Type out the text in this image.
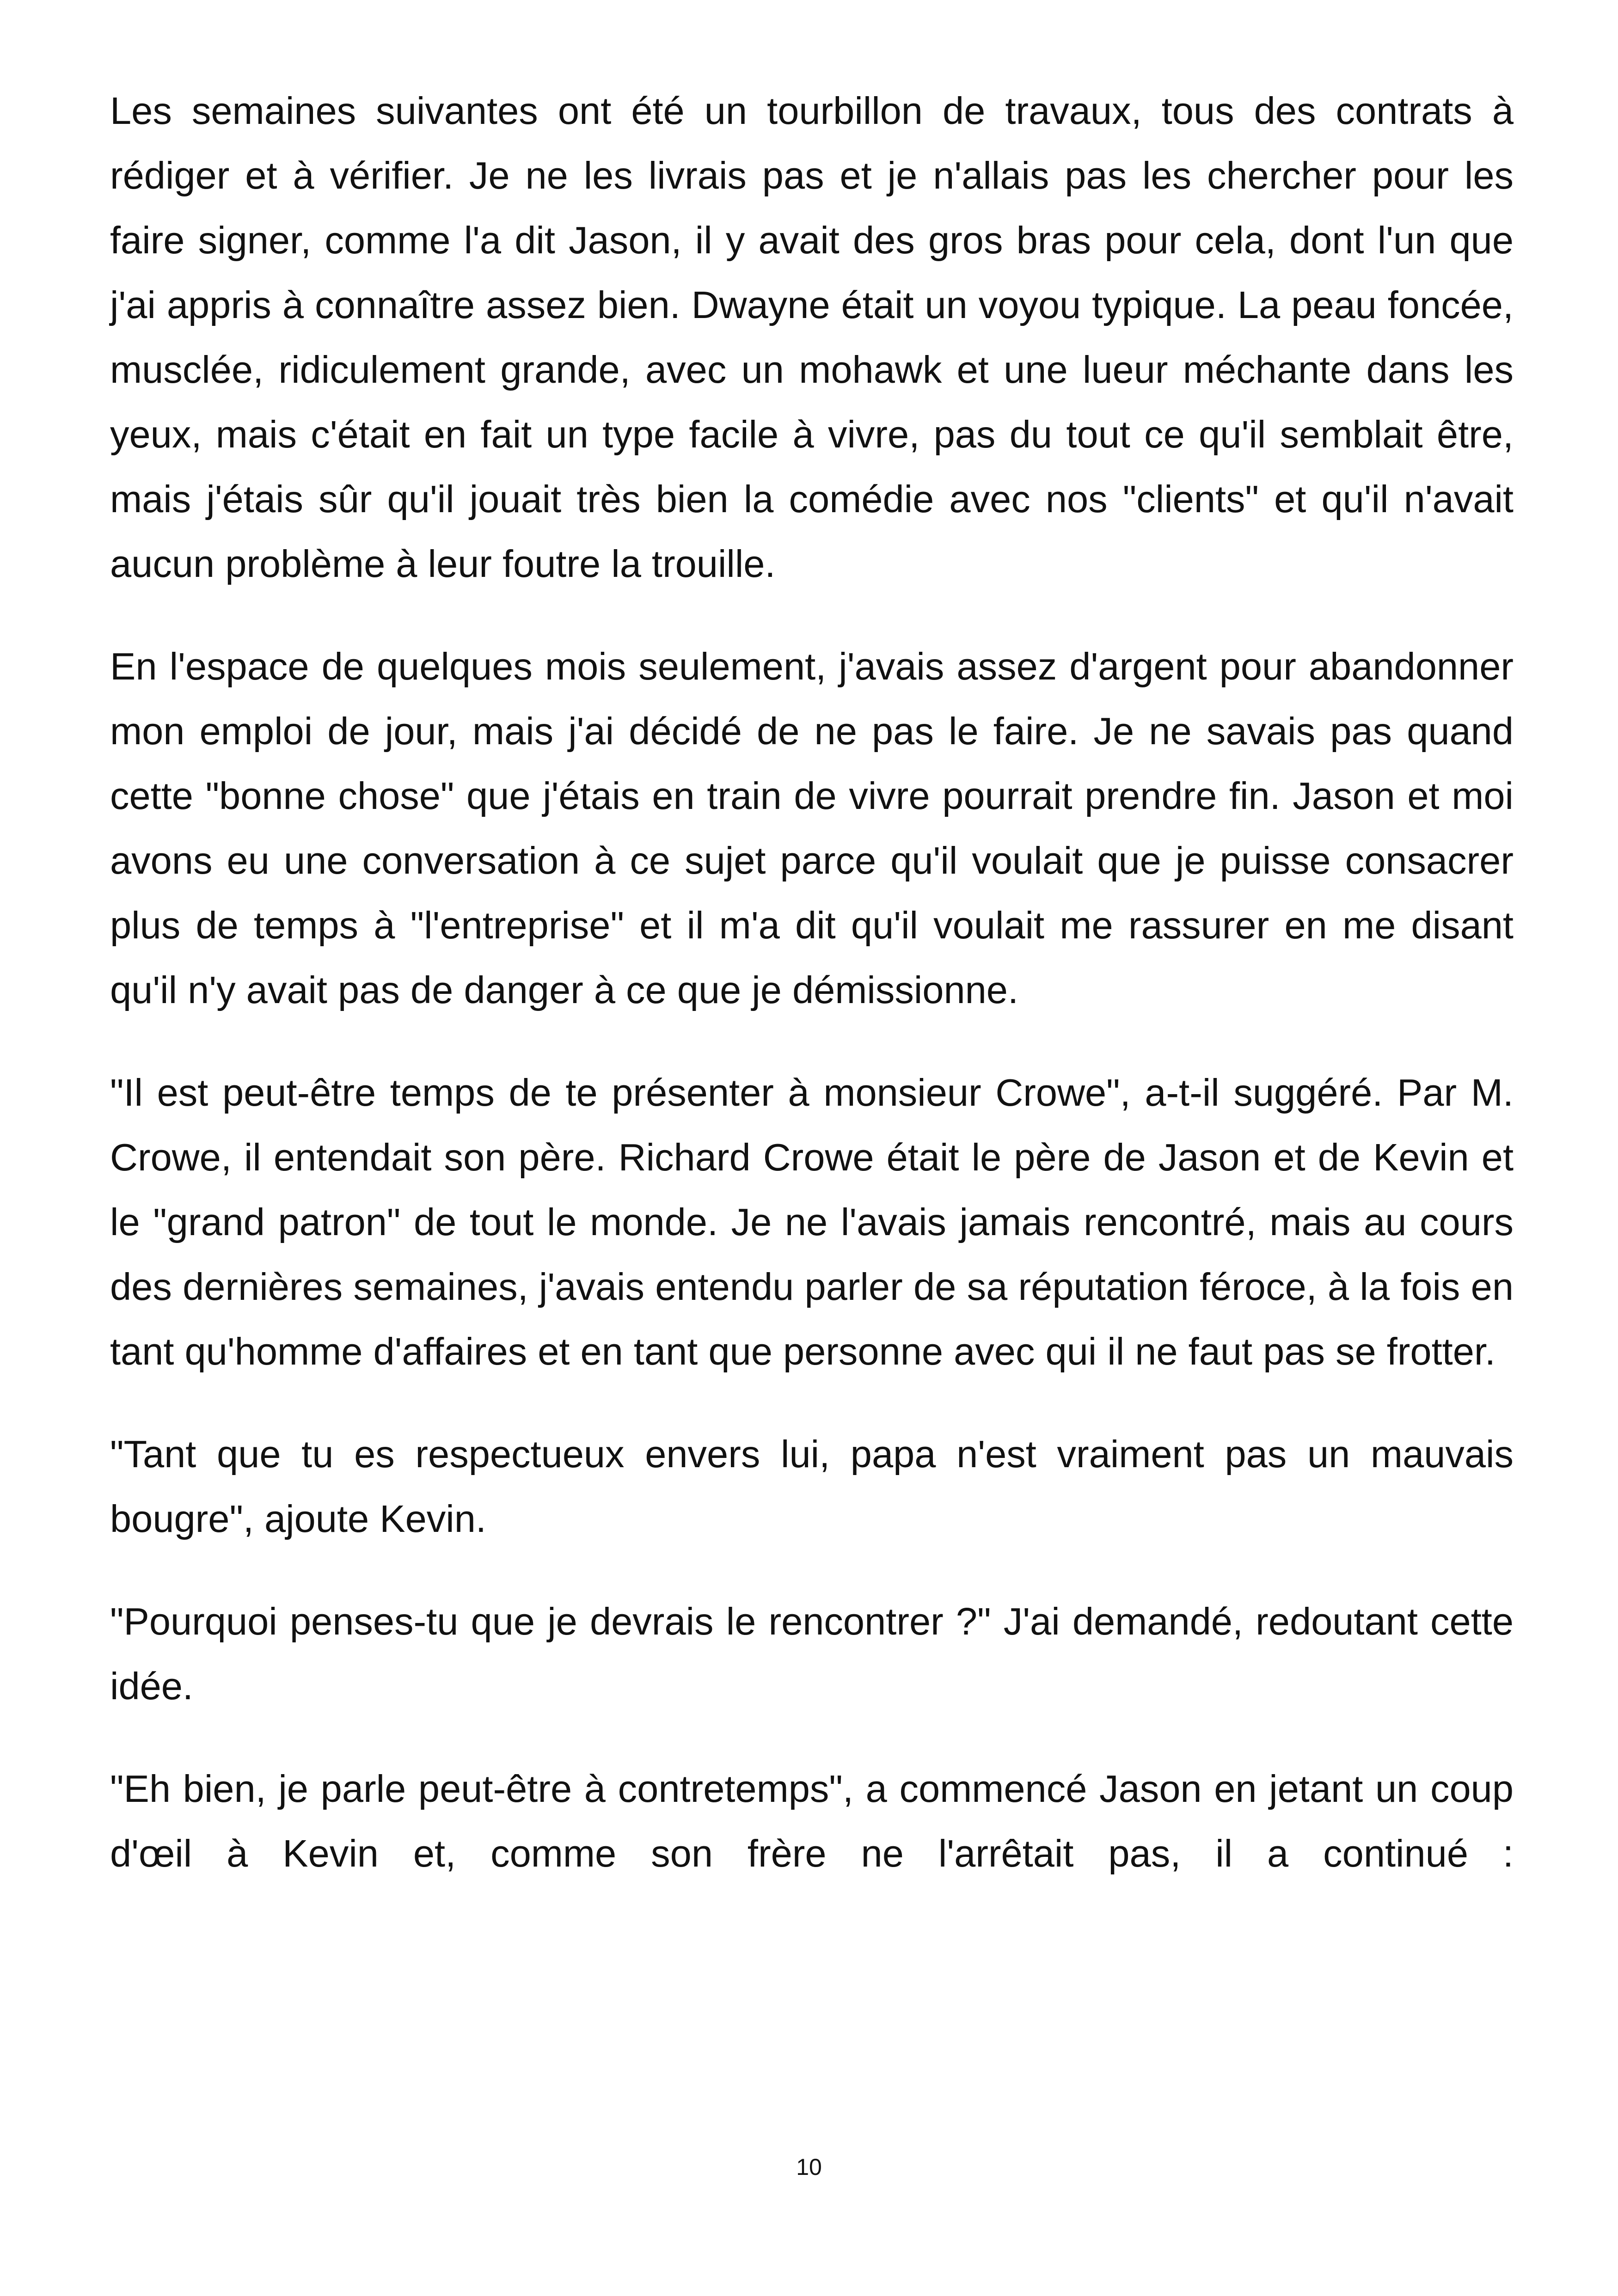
Les semaines suivantes ont été un tourbillon de travaux, tous des contrats à rédiger et à vérifier. Je ne les livrais pas et je n'allais pas les chercher pour les faire signer, comme l'a dit Jason, il y avait des gros bras pour cela, dont l'un que j'ai appris à connaître assez bien. Dwayne était un voyou typique. La peau foncée, musclée, ridiculement grande, avec un mohawk et une lueur méchante dans les yeux, mais c'était en fait un type facile à vivre, pas du tout ce qu'il semblait être, mais j'étais sûr qu'il jouait très bien la comédie avec nos "clients" et qu'il n'avait aucun problème à leur foutre la trouille.

En l'espace de quelques mois seulement, j'avais assez d'argent pour abandonner mon emploi de jour, mais j'ai décidé de ne pas le faire. Je ne savais pas quand cette "bonne chose" que j'étais en train de vivre pourrait prendre fin. Jason et moi avons eu une conversation à ce sujet parce qu'il voulait que je puisse consacrer plus de temps à "l'entreprise" et il m'a dit qu'il voulait me rassurer en me disant qu'il n'y avait pas de danger à ce que je démissionne.

"Il est peut-être temps de te présenter à monsieur Crowe", a-t-il suggéré. Par M. Crowe, il entendait son père. Richard Crowe était le père de Jason et de Kevin et le "grand patron" de tout le monde. Je ne l'avais jamais rencontré, mais au cours des dernières semaines, j'avais entendu parler de sa réputation féroce, à la fois en tant qu'homme d'affaires et en tant que personne avec qui il ne faut pas se frotter.

"Tant que tu es respectueux envers lui, papa n'est vraiment pas un mauvais bougre", ajoute Kevin.

"Pourquoi penses-tu que je devrais le rencontrer ?" J'ai demandé, redoutant cette idée.

"Eh bien, je parle peut-être à contretemps", a commencé Jason en jetant un coup d'œil à Kevin et, comme son frère ne l'arrêtait pas, il a continué :

10
